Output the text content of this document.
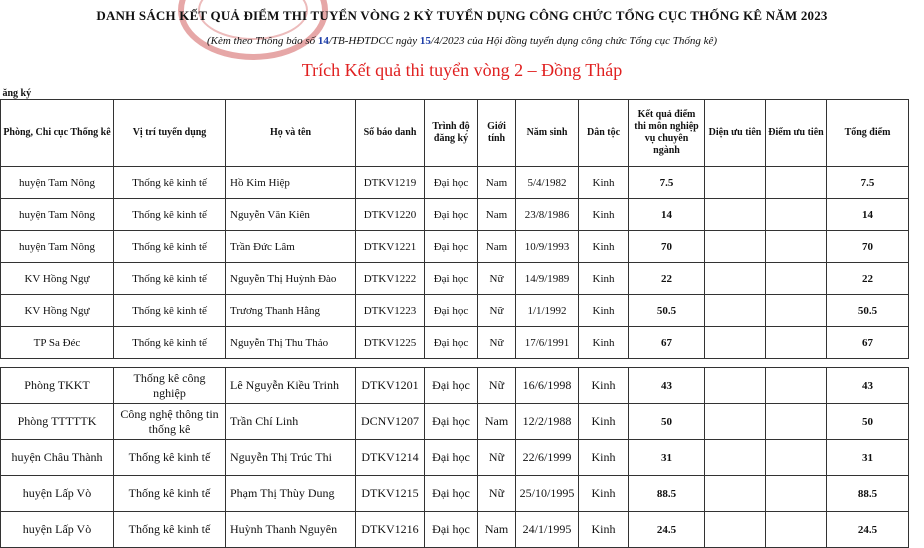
DANH SÁCH KẾT QUẢ ĐIỂM THI TUYỂN VÒNG 2 KỲ TUYỂN DỤNG CÔNG CHỨC TỔNG CỤC THỐNG KÊ NĂM 2023
(Kèm theo Thông báo số 14/TB-HĐTDCC ngày 15/4/2023 của Hội đồng tuyển dụng công chức Tổng cục Thống kê)
Trích Kết quả thi tuyển vòng 2 – Đồng Tháp
ăng ký											
Phòng, Chi cục Thống kê	Vị trí tuyển dụng	Họ và tên	Số báo danh	Trình độ đăng ký	Giới tính	Năm sinh	Dân tộc	Kết quả điểm thi môn nghiệp vụ chuyên ngành	Diện ưu tiên	Điểm ưu tiên	Tổng điểm
huyện Tam Nông	Thống kê kinh tế	Hồ Kim Hiệp	DTKV1219	Đại học	Nam	5/4/1982	Kinh	7.5			7.5
huyện Tam Nông	Thống kê kinh tế	Nguyễn Văn Kiên	DTKV1220	Đại học	Nam	23/8/1986	Kinh	14			14
huyện Tam Nông	Thống kê kinh tế	Trần Đức Lâm	DTKV1221	Đại học	Nam	10/9/1993	Kinh	70			70
KV Hồng Ngự	Thống kê kinh tế	Nguyễn Thị Huỳnh Đào	DTKV1222	Đại học	Nữ	14/9/1989	Kinh	22			22
KV Hồng Ngự	Thống kê kinh tế	Trương Thanh Hằng	DTKV1223	Đại học	Nữ	1/1/1992	Kinh	50.5			50.5
TP Sa Đéc	Thống kê kinh tế	Nguyễn Thị Thu Thảo	DTKV1225	Đại học	Nữ	17/6/1991	Kinh	67			67

Phòng TKKT	Thống kê công nghiệp	Lê Nguyễn Kiều Trinh	DTKV1201	Đại học	Nữ	16/6/1998	Kinh	43			43
Phòng TTTTTK	Công nghệ thông tin thống kê	Trần Chí Linh	DCNV1207	Đại học	Nam	12/2/1988	Kinh	50			50
huyện Châu Thành	Thống kê kinh tế	Nguyễn Thị Trúc Thi	DTKV1214	Đại học	Nữ	22/6/1999	Kinh	31			31
huyện Lấp Vò	Thống kê kinh tế	Phạm Thị Thùy Dung	DTKV1215	Đại học	Nữ	25/10/1995	Kinh	88.5			88.5
huyện Lấp Vò	Thống kê kinh tế	Huỳnh Thanh Nguyên	DTKV1216	Đại học	Nam	24/1/1995	Kinh	24.5			24.5
